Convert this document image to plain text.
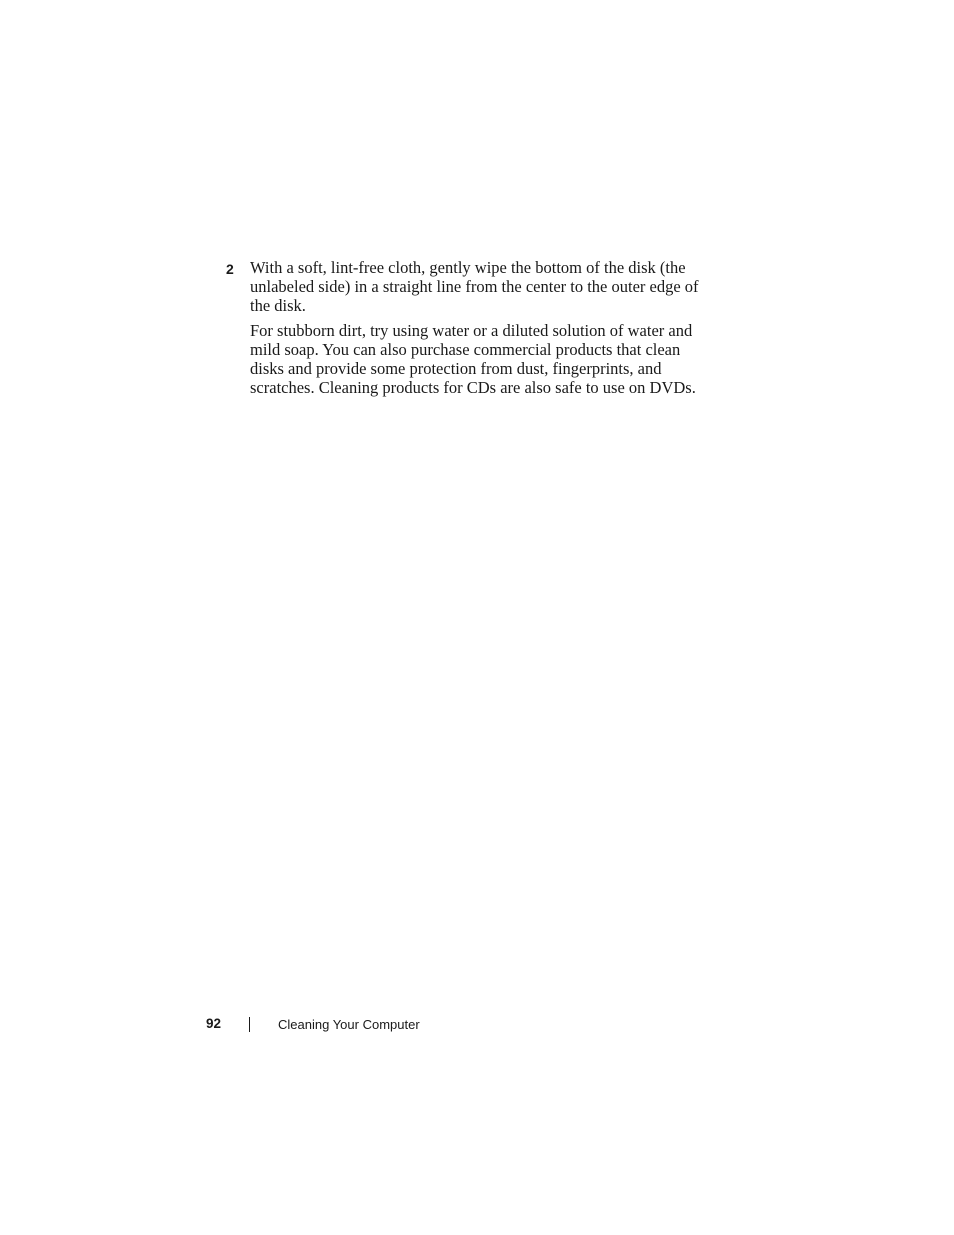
2 With a soft, lint-free cloth, gently wipe the bottom of the disk (the unlabeled side) in a straight line from the center to the outer edge of the disk.

For stubborn dirt, try using water or a diluted solution of water and mild soap. You can also purchase commercial products that clean disks and provide some protection from dust, fingerprints, and scratches. Cleaning products for CDs are also safe to use on DVDs.

92	Cleaning Your Computer
